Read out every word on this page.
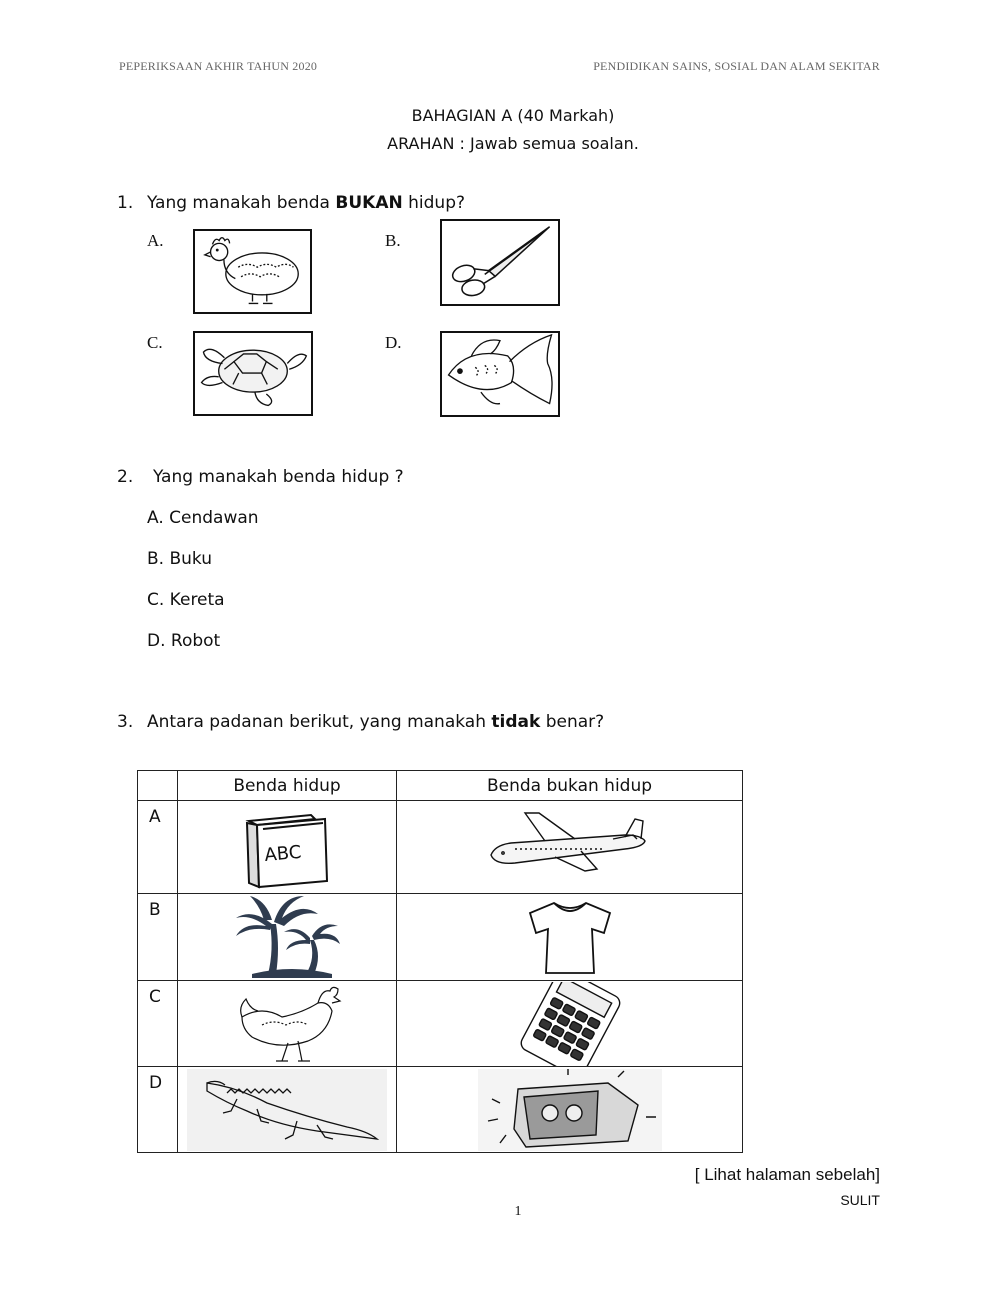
PEPERIKSAAN AKHIR TAHUN 2020	PENDIDIKAN SAINS, SOSIAL DAN ALAM SEKITAR
BAHAGIAN A (40 Markah)
ARAHAN : Jawab semua soalan.
1. Yang manakah benda BUKAN hidup?
A.	B.
C.	D.
2. Yang manakah benda hidup ?
A. Cendawan
B. Buku
C. Kereta
D. Robot
3. Antara padanan berikut, yang manakah tidak benar?
	Benda hidup	Benda bukan hidup
A	ABC

B	

C	

D	

[ Lihat halaman sebelah]
SULIT
1
